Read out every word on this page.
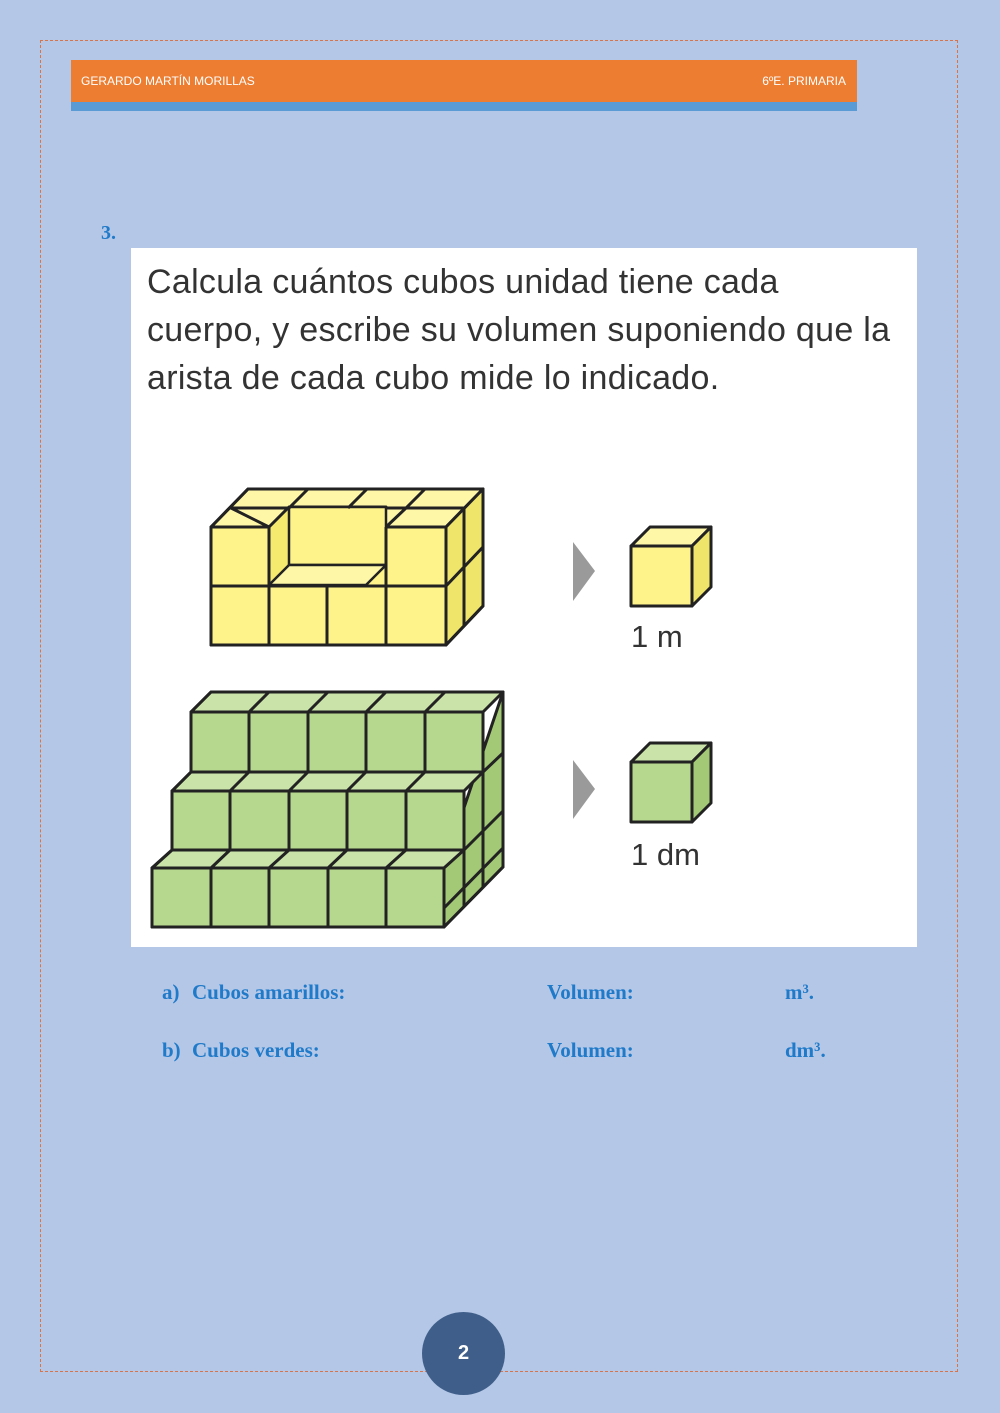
GERARDO MARTÍN MORILLAS	6ºE. PRIMARIA
3.
Calcula cuántos cubos unidad tiene cada cuerpo, y escribe su volumen suponiendo que la arista de cada cubo mide lo indicado.
1 m
1 dm
a) Cubos amarillos:	Volumen:	m³.
b) Cubos verdes:	Volumen:	dm³.
2
